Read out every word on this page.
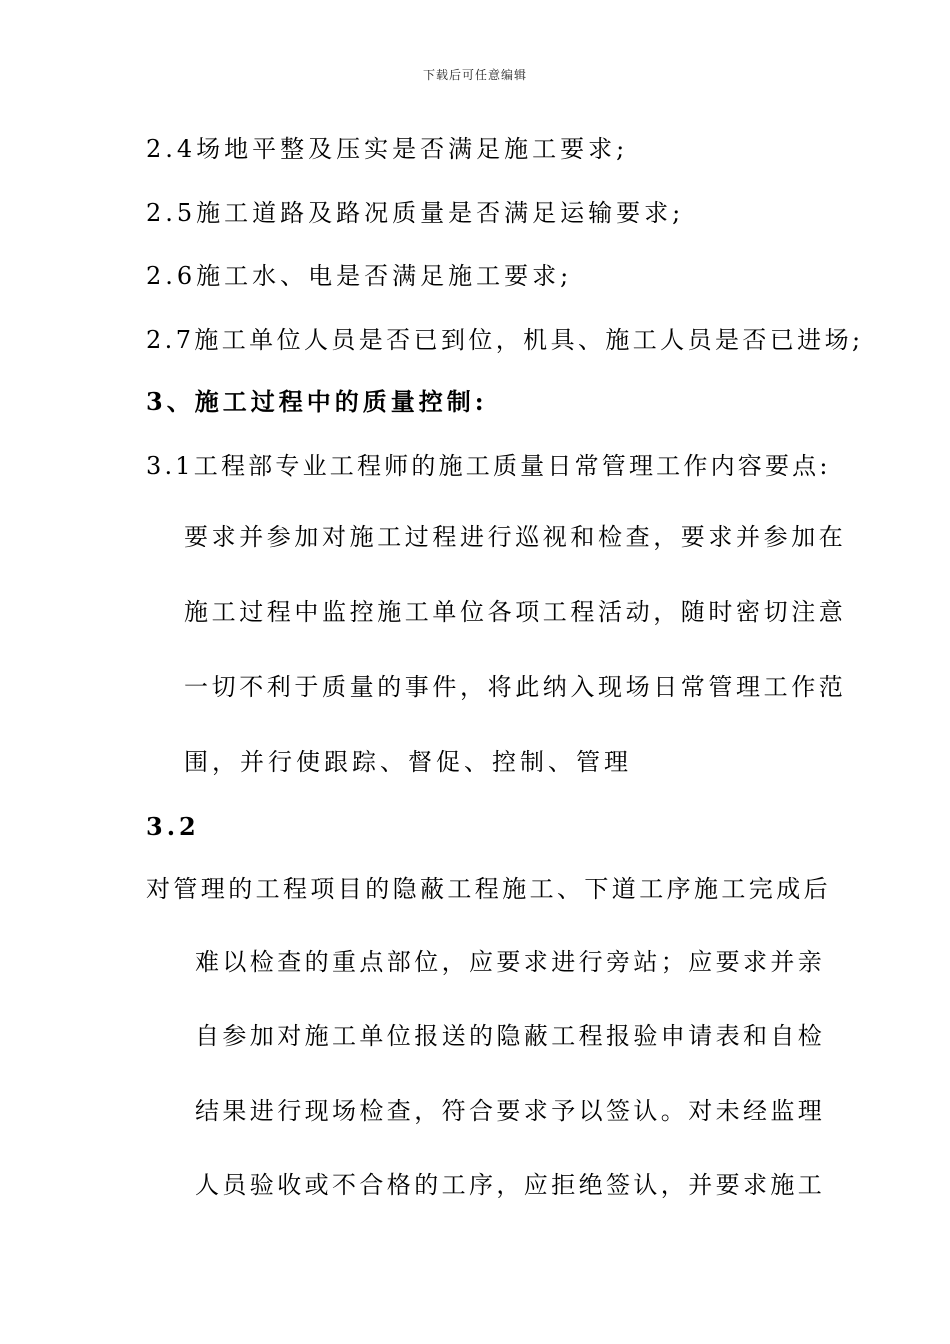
下载后可任意编辑
2.4场地平整及压实是否满足施工要求;
2.5施工道路及路况质量是否满足运输要求;
2.6施工水、电是否满足施工要求;
2.7施工单位人员是否已到位，机具、施工人员是否已进场;
3、施工过程中的质量控制:
3.1工程部专业工程师的施工质量日常管理工作内容要点:
要求并参加对施工过程进行巡视和检查，要求并参加在
施工过程中监控施工单位各项工程活动，随时密切注意
一切不利于质量的事件，将此纳入现场日常管理工作范
围，并行使跟踪、督促、控制、管理
3.2
对管理的工程项目的隐蔽工程施工、下道工序施工完成后
难以检查的重点部位，应要求进行旁站；应要求并亲
自参加对施工单位报送的隐蔽工程报验申请表和自检
结果进行现场检查，符合要求予以签认。对未经监理
人员验收或不合格的工序，应拒绝签认，并要求施工
